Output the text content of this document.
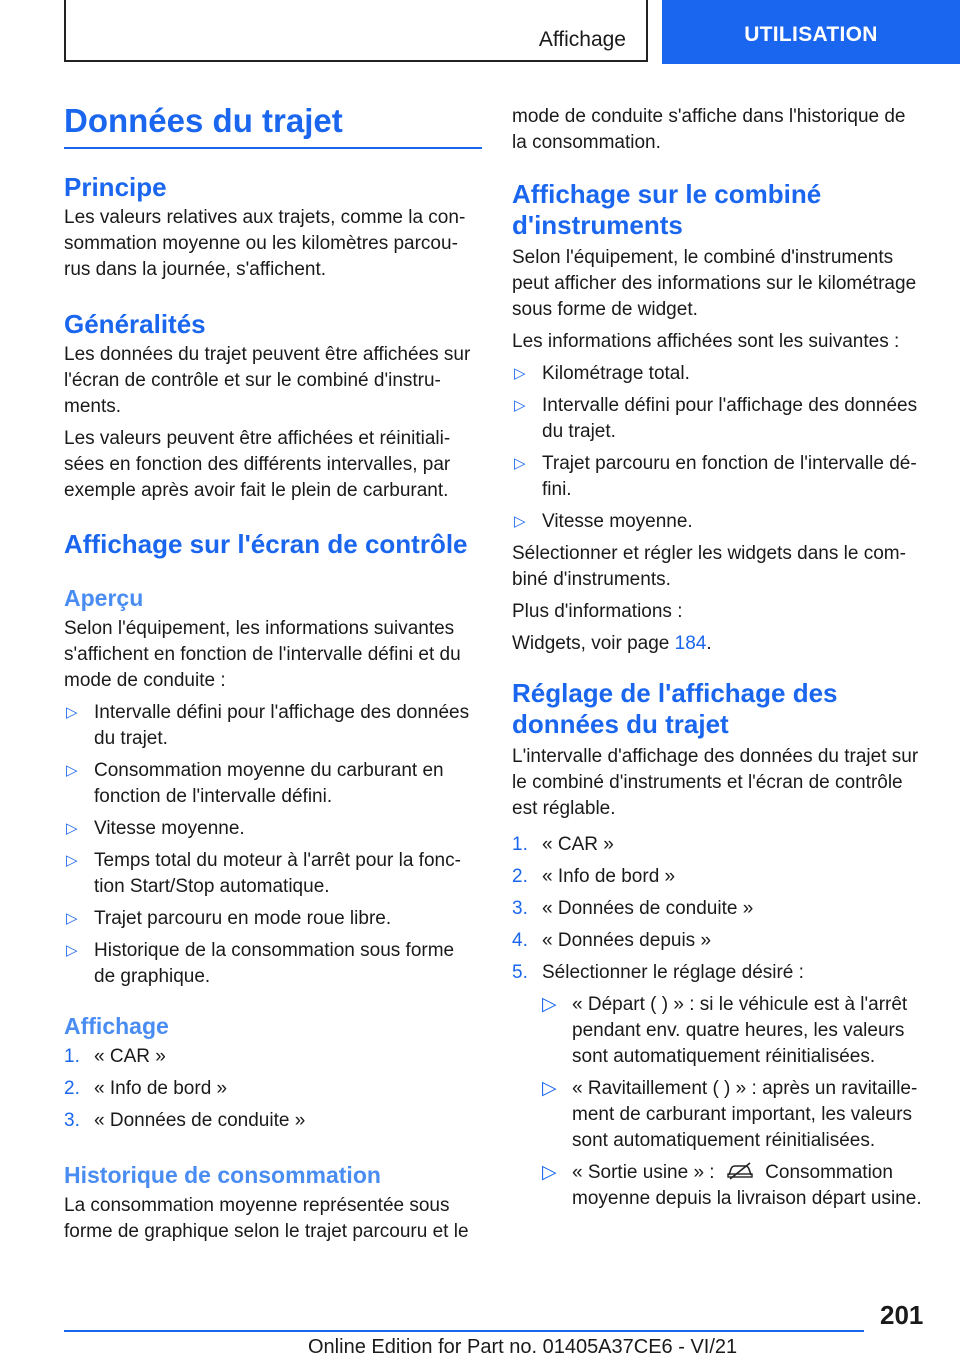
Affichage	UTILISATION
Données du trajet
Principe

Les valeurs relatives aux trajets, comme la con-
sommation moyenne ou les kilomètres parcou-
rus dans la journée, s'affichent.

Généralités

Les données du trajet peuvent être affichées sur
l'écran de contrôle et sur le combiné d'instru-
ments.

Les valeurs peuvent être affichées et réinitiali-
sées en fonction des différents intervalles, par
exemple après avoir fait le plein de carburant.

Affichage sur l'écran de contrôle
Aperçu

Selon l'équipement, les informations suivantes
s'affichent en fonction de l'intervalle défini et du
mode de conduite :

▷ Intervalle défini pour l'affichage des données
du trajet.
▷ Consommation moyenne du carburant en
fonction de l'intervalle défini.
▷ Vitesse moyenne.
▷ Temps total du moteur à l'arrêt pour la fonc-
tion Start/Stop automatique.
▷ Trajet parcouru en mode roue libre.
▷ Historique de la consommation sous forme
de graphique.
Affichage
1. « CAR »
2. « Info de bord »
3. « Données de conduite »
Historique de consommation

La consommation moyenne représentée sous
forme de graphique selon le trajet parcouru et le

mode de conduite s'affiche dans l'historique de
la consommation.

Affichage sur le combiné
d'instruments

Selon l'équipement, le combiné d'instruments
peut afficher des informations sur le kilométrage
sous forme de widget.

Les informations affichées sont les suivantes :

▷ Kilométrage total.
▷ Intervalle défini pour l'affichage des données
du trajet.
▷ Trajet parcouru en fonction de l'intervalle dé-
fini.
▷ Vitesse moyenne.

Sélectionner et régler les widgets dans le com-
biné d'instruments.

Plus d'informations :

Widgets, voir page 184.

Réglage de l'affichage des
données du trajet

L'intervalle d'affichage des données du trajet sur
le combiné d'instruments et l'écran de contrôle
est réglable.

1. « CAR »
2. « Info de bord »
3. « Données de conduite »
4. « Données depuis »
5. Sélectionner le réglage désiré :
▷ « Départ ( ) » : si le véhicule est à l'arrêt
pendant env. quatre heures, les valeurs
sont automatiquement réinitialisées.
▷ « Ravitaillement ( ) » : après un ravitaille-
ment de carburant important, les valeurs
sont automatiquement réinitialisées.
▷ « Sortie usine » :  Consommation
moyenne depuis la livraison départ usine.
201
Online Edition for Part no. 01405A37CE6 - VI/21
